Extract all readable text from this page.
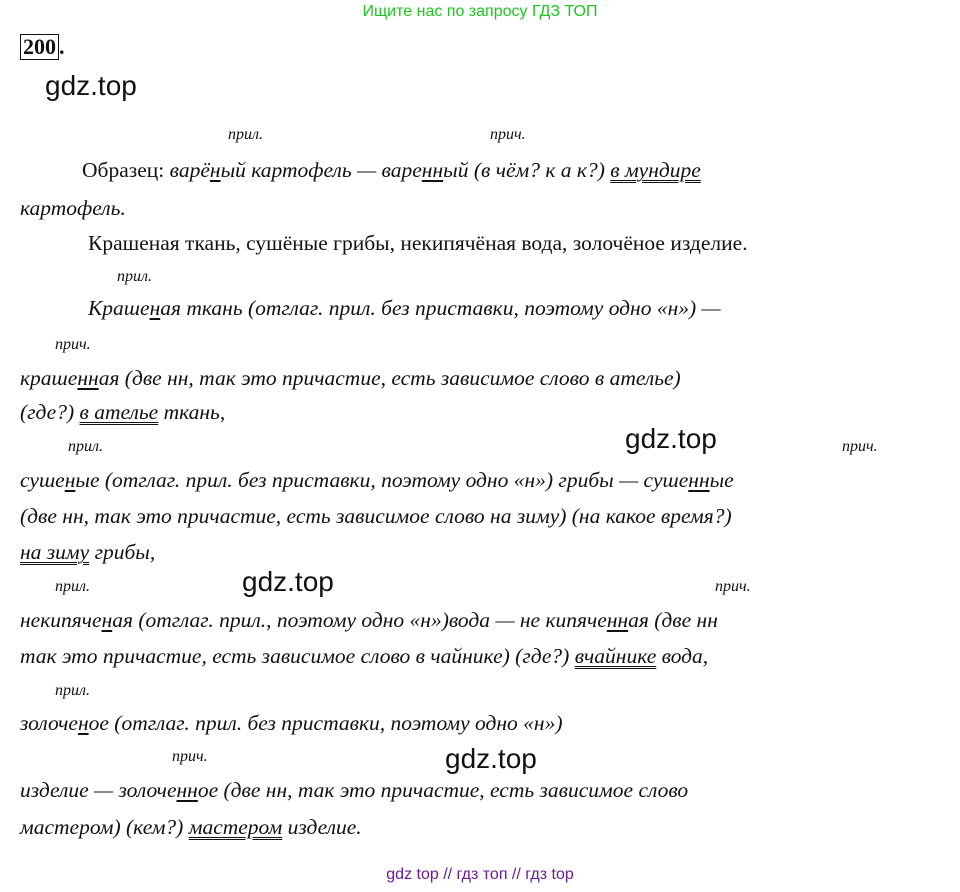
Ищите нас по запросу ГДЗ ТОП
200 .
gdz.top
прил.	прич.
Образец: варёный картофель — варенный (в чём? к а к?) в мундире
картофель.
Крашеная ткань, сушёные грибы, некипячёная вода, золочёное изделие.
прил.
Крашеная ткань (отглаг. прил. без приставки, поэтому одно «н») —
прич.
крашенная (две нн, так это причастие, есть зависимое слово в ателье)
(где?) в ателье ткань,
прил.	gdz.top	прич.
сушеные (отглаг. прил. без приставки, поэтому одно «н») грибы — сушенные
(две нн, так это причастие, есть зависимое слово на зиму) (на какое время?)
на зиму грибы,
прил.	gdz.top	прич.
некипяченая (отглаг. прил., поэтому одно «н»)вода — не кипяченная (две нн
так это причастие, есть зависимое слово в чайнике) (где?) вчайнике вода,
прил.
золоченое (отглаг. прил. без приставки, поэтому одно «н»)
прич.	gdz.top
изделие — золоченное (две нн, так это причастие, есть зависимое слово
мастером) (кем?) мастером изделие.
gdz top // гдз топ // гдз top
